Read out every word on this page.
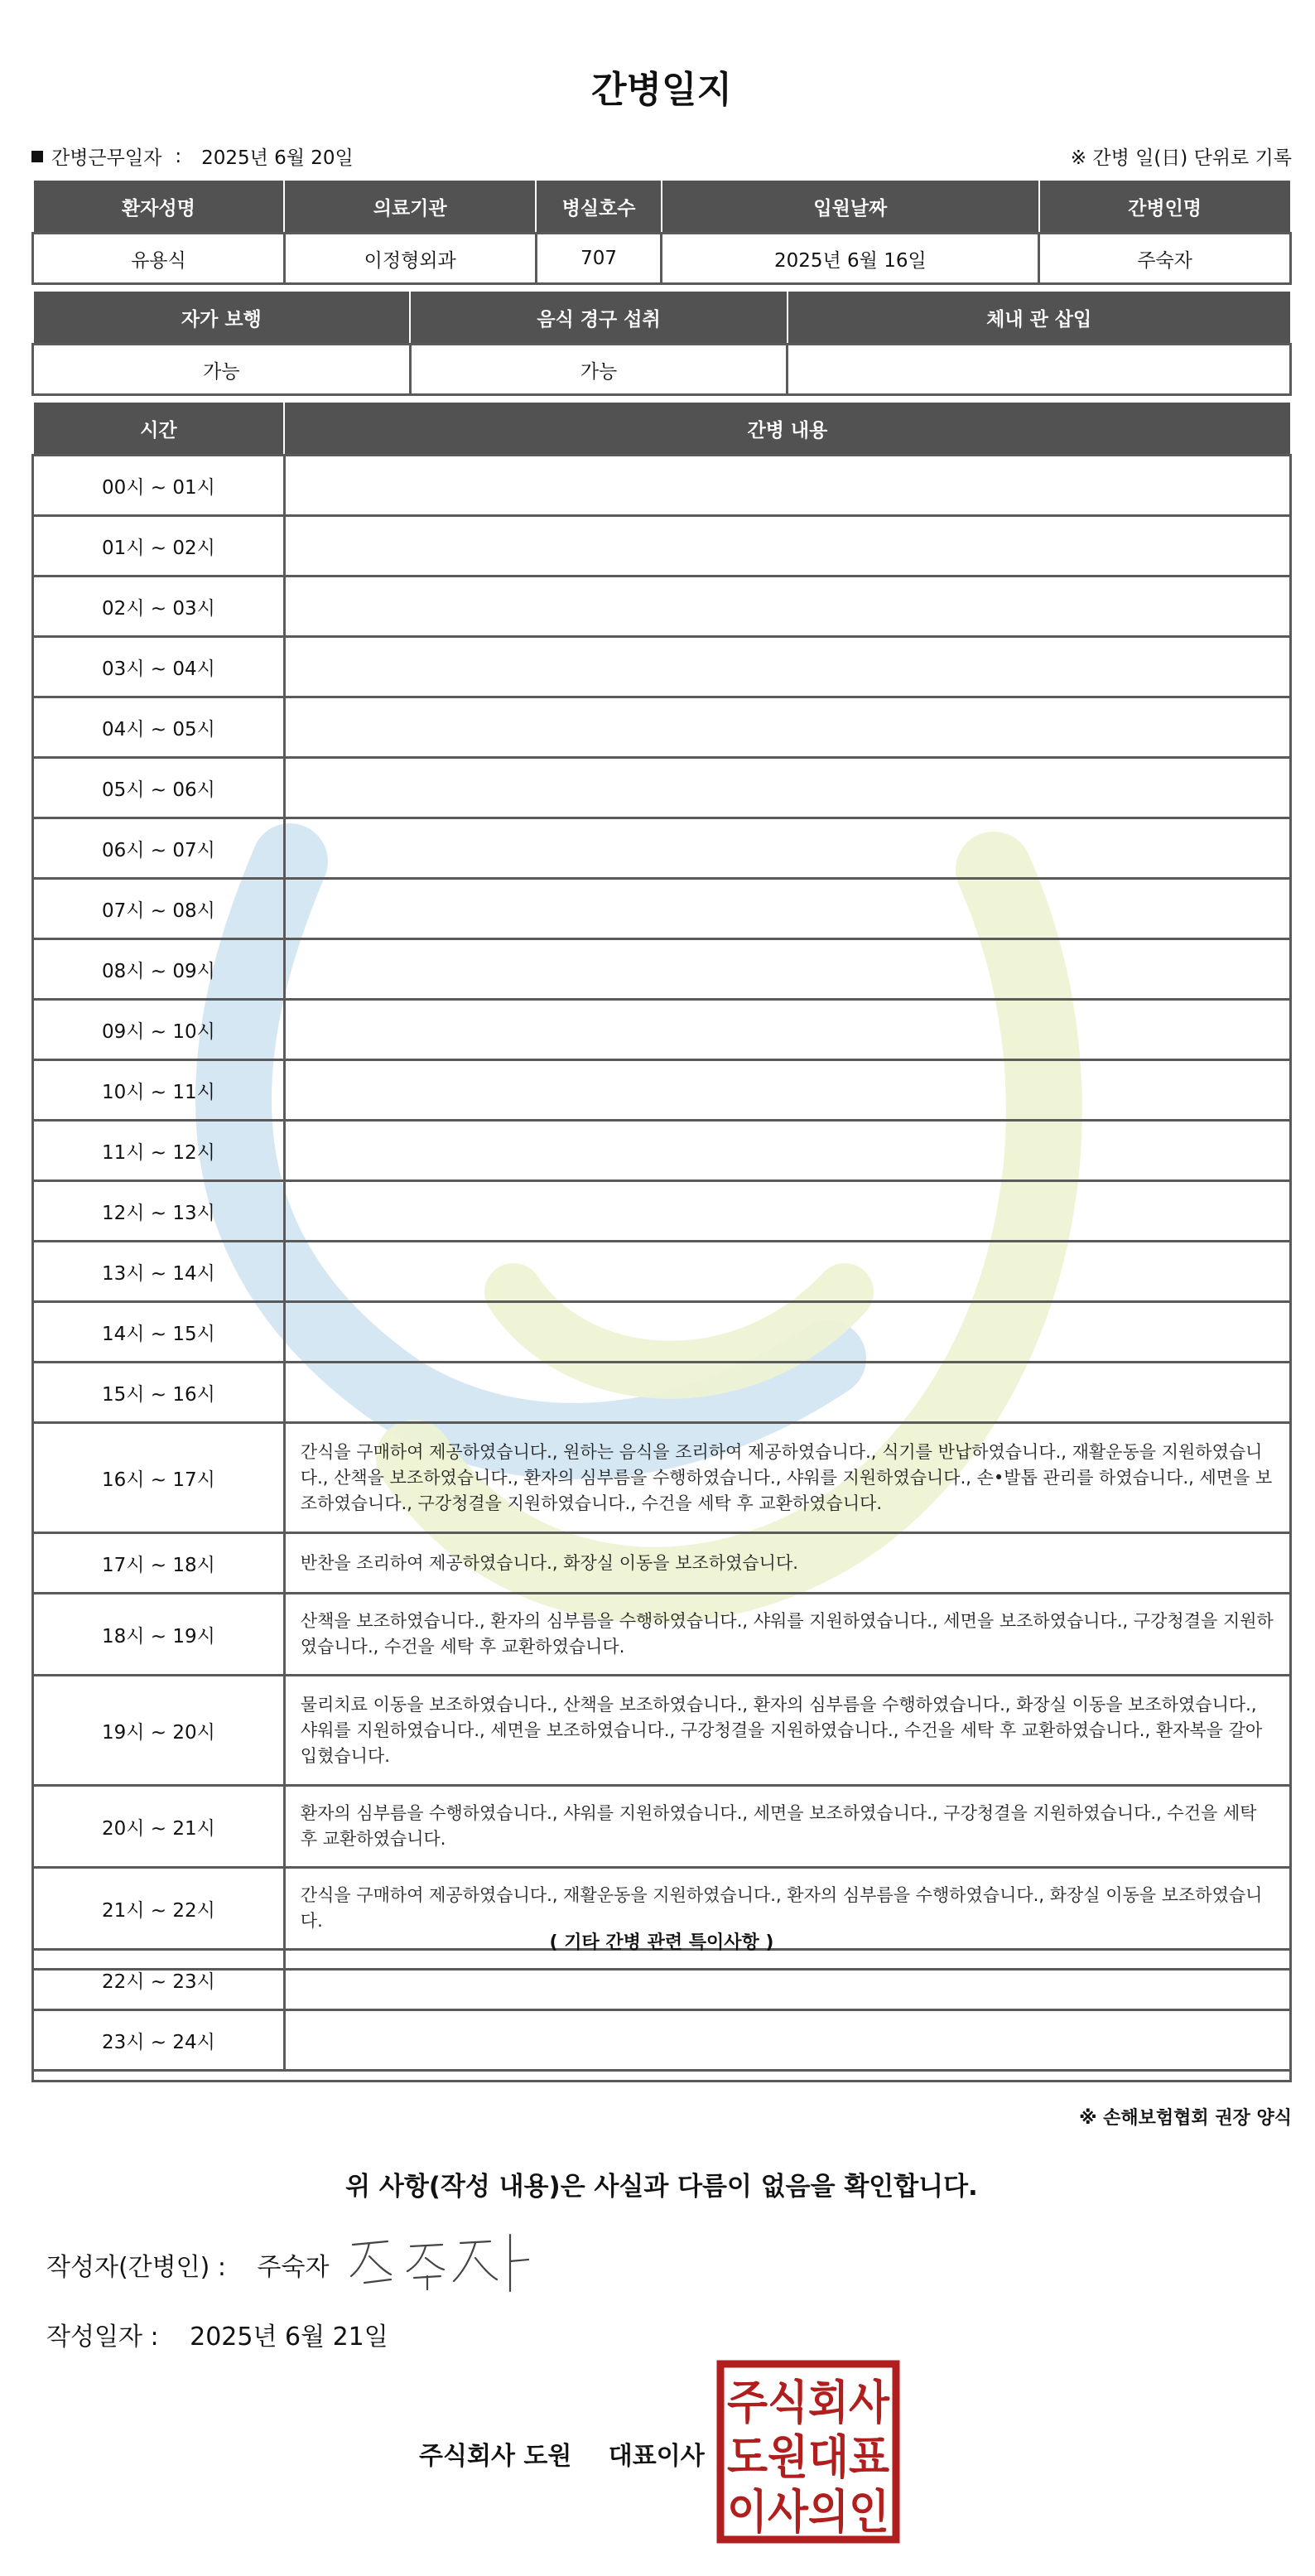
간병일지
간병근무일자 : 2025년 6월 20일	※ 간병 일(日) 단위로 기록
환자성명	의료기관	병실호수	입원날짜	간병인명
유용식	이정형외과	707	2025년 6월 16일	주숙자
자가 보행	음식 경구 섭취	체내 관 삽입
가능	가능	
시간	간병 내용
00시 ~ 01시	
01시 ~ 02시	
02시 ~ 03시	
03시 ~ 04시	
04시 ~ 05시	
05시 ~ 06시	
06시 ~ 07시	
07시 ~ 08시	
08시 ~ 09시	
09시 ~ 10시	
10시 ~ 11시	
11시 ~ 12시	
12시 ~ 13시	
13시 ~ 14시	
14시 ~ 15시	
15시 ~ 16시	
16시 ~ 17시	간식을 구매하여 제공하였습니다., 원하는 음식을 조리하여 제공하였습니다., 식기를 반납하였습니다., 재활운동을 지원하였습니다., 산책을 보조하였습니다., 환자의 심부름을 수행하였습니다., 샤워를 지원하였습니다., 손•발톱 관리를 하였습니다., 세면을 보조하였습니다., 구강청결을 지원하였습니다., 수건을 세탁 후 교환하였습니다.
17시 ~ 18시	반찬을 조리하여 제공하였습니다., 화장실 이동을 보조하였습니다.
18시 ~ 19시	산책을 보조하였습니다., 환자의 심부름을 수행하였습니다., 샤워를 지원하였습니다., 세면을 보조하였습니다., 구강청결을 지원하였습니다., 수건을 세탁 후 교환하였습니다.
19시 ~ 20시	물리치료 이동을 보조하였습니다., 산책을 보조하였습니다., 환자의 심부름을 수행하였습니다., 화장실 이동을 보조하였습니다., 샤워를 지원하였습니다., 세면을 보조하였습니다., 구강청결을 지원하였습니다., 수건을 세탁 후 교환하였습니다., 환자복을 갈아입혔습니다.
20시 ~ 21시	환자의 심부름을 수행하였습니다., 샤워를 지원하였습니다., 세면을 보조하였습니다., 구강청결을 지원하였습니다., 수건을 세탁 후 교환하였습니다.
21시 ~ 22시	간식을 구매하여 제공하였습니다., 재활운동을 지원하였습니다., 환자의 심부름을 수행하였습니다., 화장실 이동을 보조하였습니다.
22시 ~ 23시	
23시 ~ 24시	
( 기타 간병 관련 특이사항 )
※ 손해보험협회 권장 양식
위 사항(작성 내용)은 사실과 다름이 없음을 확인합니다.
작성자(간병인) : 주숙자
작성일자 : 2025년 6월 21일
주식회사 도원 대표이사
주식회사
도원대표
이사의인
